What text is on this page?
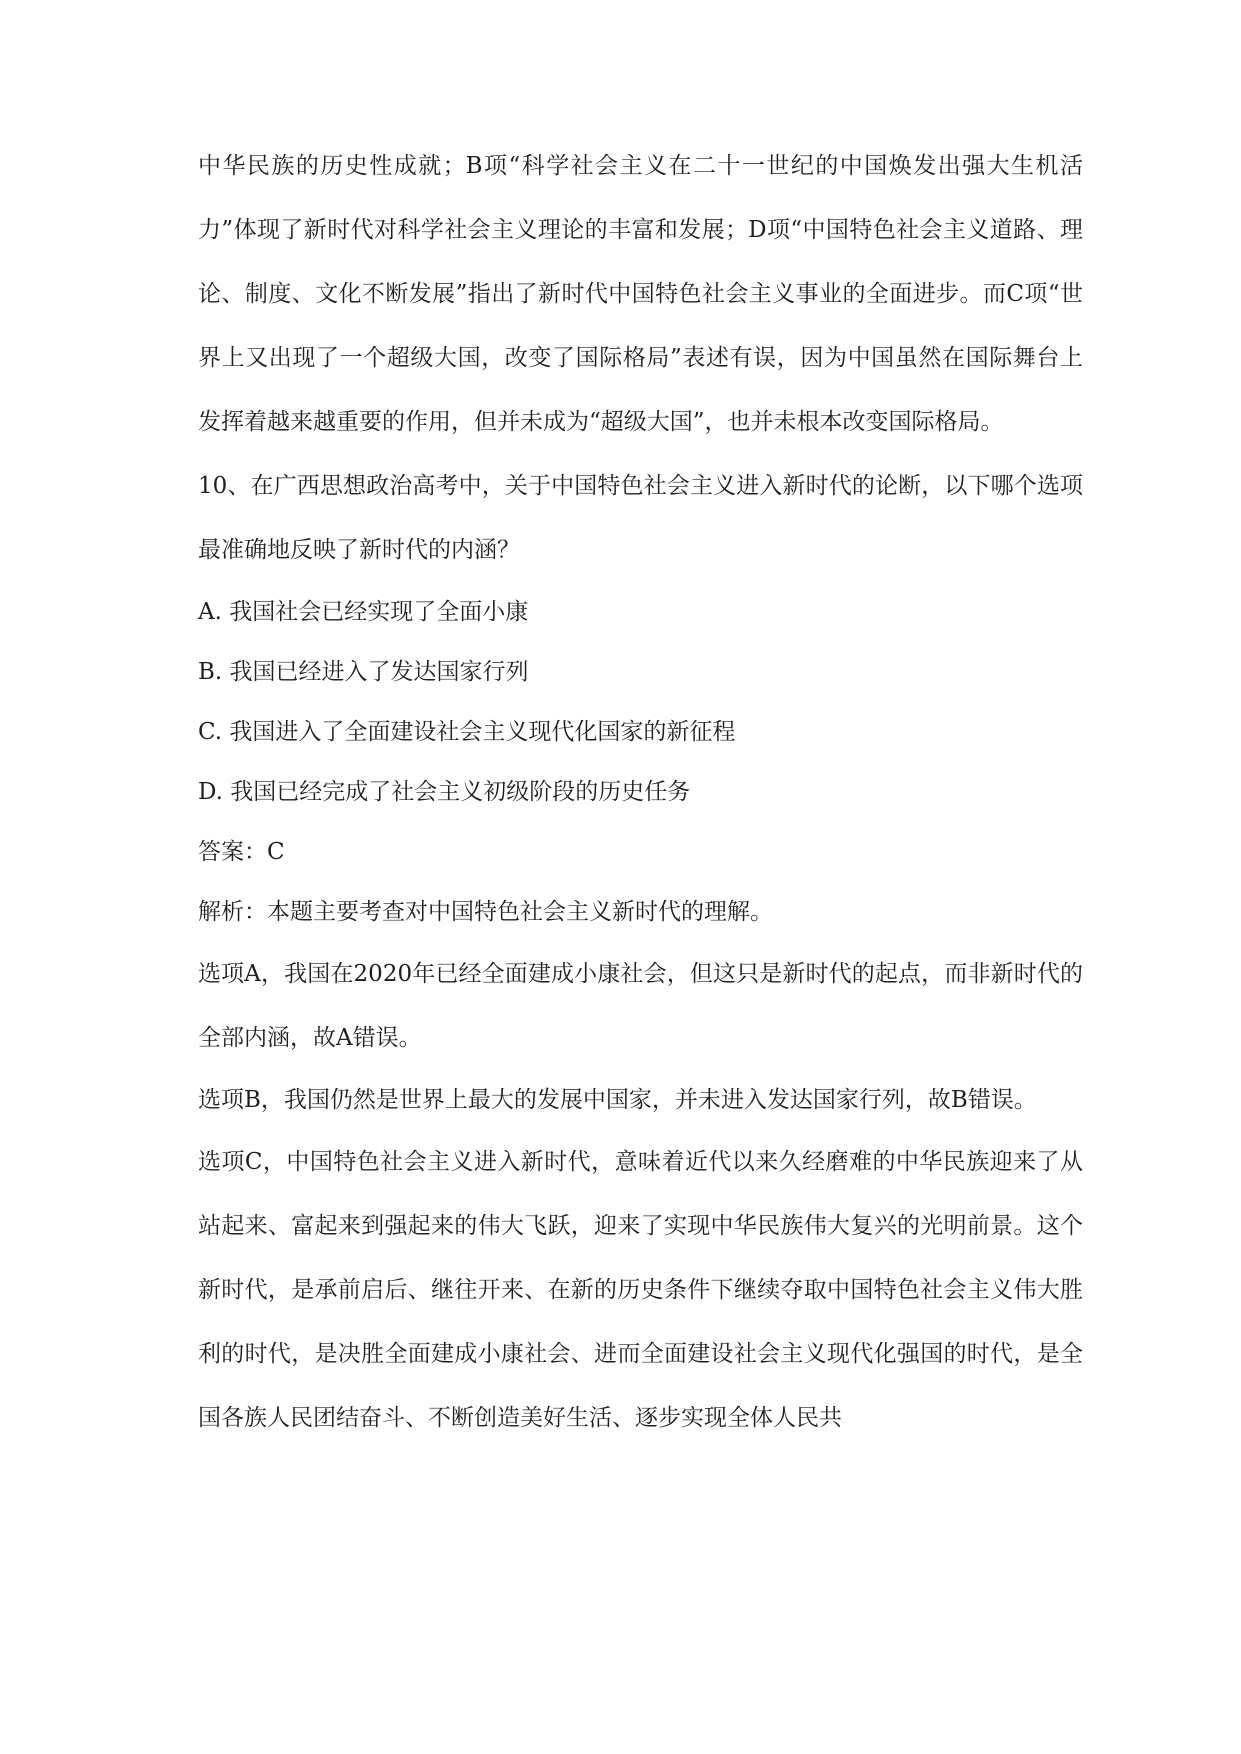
中华民族的历史性成就；B项“科学社会主义在二十一世纪的中国焕发出强大生机活力”体现了新时代对科学社会主义理论的丰富和发展；D项“中国特色社会主义道路、理论、制度、文化不断发展”指出了新时代中国特色社会主义事业的全面进步。而C项“世界上又出现了一个超级大国，改变了国际格局”表述有误，因为中国虽然在国际舞台上发挥着越来越重要的作用，但并未成为“超级大国”，也并未根本改变国际格局。

10、在广西思想政治高考中，关于中国特色社会主义进入新时代的论断，以下哪个选项最准确地反映了新时代的内涵？

A. 我国社会已经实现了全面小康

B. 我国已经进入了发达国家行列

C. 我国进入了全面建设社会主义现代化国家的新征程

D. 我国已经完成了社会主义初级阶段的历史任务

答案：C

解析：本题主要考查对中国特色社会主义新时代的理解。

选项A，我国在2020年已经全面建成小康社会，但这只是新时代的起点，而非新时代的全部内涵，故A错误。

选项B，我国仍然是世界上最大的发展中国家，并未进入发达国家行列，故B错误。

选项C，中国特色社会主义进入新时代，意味着近代以来久经磨难的中华民族迎来了从站起来、富起来到强起来的伟大飞跃，迎来了实现中华民族伟大复兴的光明前景。这个新时代，是承前启后、继往开来、在新的历史条件下继续夺取中国特色社会主义伟大胜利的时代，是决胜全面建成小康社会、进而全面建设社会主义现代化强国的时代，是全国各族人民团结奋斗、不断创造美好生活、逐步实现全体人民共
